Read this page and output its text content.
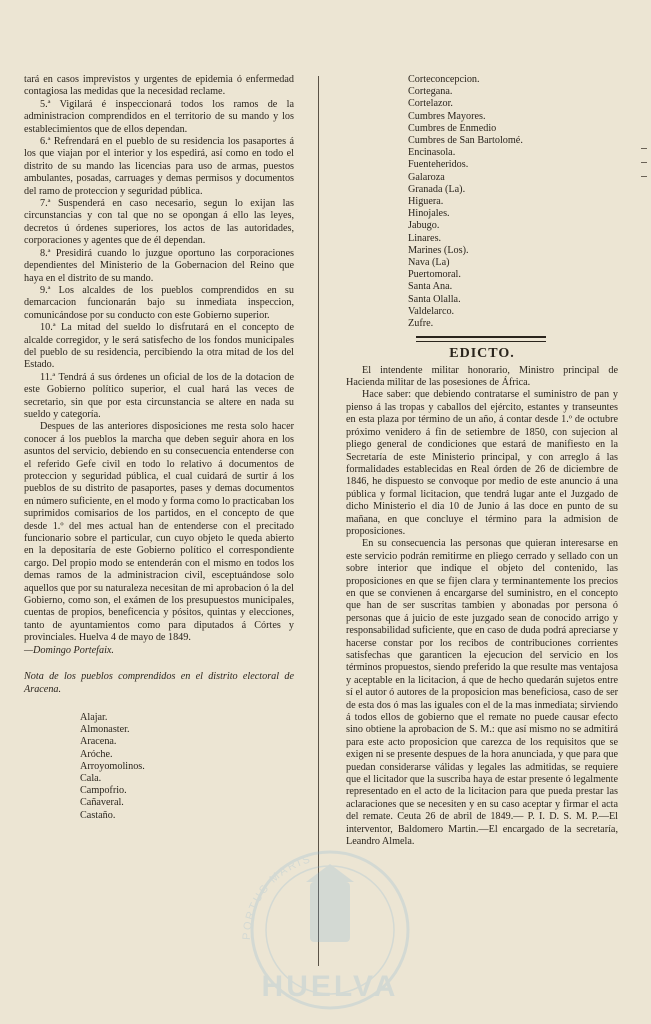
tará en casos imprevistos y urgentes de epidemia ó enfermedad contagiosa las medidas que la necesidad reclame.

5.ª Vigilará é inspeccionará todos los ramos de la administracion comprendidos en el territorio de su mando y los establecimientos que de ellos dependan.

6.ª Refrendará en el pueblo de su residencia los pasaportes á los que viajan por el interior y los espedirá, así como en todo el distrito de su mando las licencias para uso de armas, puestos ambulantes, posadas, carruages y demas permisos y documentos del ramo de proteccion y seguridad pública.

7.ª Suspenderá en caso necesario, segun lo exijan las circunstancias y con tal que no se opongan á ello las leyes, decretos ú órdenes superiores, los actos de las autoridades, corporaciones y agentes que de él dependan.

8.ª Presidirá cuando lo juzgue oportuno las corporaciones dependientes del Ministerio de la Gobernacion del Reino que haya en el distrito de su mando.

9.ª Los alcaldes de los pueblos comprendidos en su demarcacion funcionarán bajo su inmediata inspeccion, comunicándose por su conducto con este Gobierno superior.

10.ª La mitad del sueldo lo disfrutará en el concepto de alcalde corregidor, y le será satisfecho de los fondos municipales del pueblo de su residencia, percibiendo la otra mitad de los del Estado.

11.ª Tendrá á sus órdenes un oficial de los de la dotacion de este Gobierno político superior, el cual hará las veces de secretario, sin que por esta circunstancia se altere en nada su sueldo y categoría.

Despues de las anteriores disposiciones me resta solo hacer conocer á los pueblos la marcha que deben seguir ahora en los asuntos del servicio, debiendo en su consecuencia entenderse con el referido Gefe civil en todo lo relativo á documentos de proteccion y seguridad pública, el cual cuidará de surtir á los pueblos de su distrito de pasaportes, pases y demas documentos en número suficiente, en el modo y forma como lo practicaban los suprimidos comisarios de los partidos, en el concepto de que desde 1.º del mes actual han de entenderse con el precitado funcionario sobre el particular, cun cuyo objeto le queda abierto en la depositaría de este Gobierno político el correspondiente cargo. Del propio modo se entenderán con el mismo en todos los demas ramos de la administracion civil, esceptuándose solo aquellos que por su naturaleza necesitan de mi aprobacion ó la del Gobierno, como son, el exámen de los presupuestos municipales, cuentas de propios, beneficencia y pósitos, quintas y elecciones, tanto de ayuntamientos como para diputados á Córtes y provinciales. Huelva 4 de mayo de 1849.

—Domingo Portefaix.

Nota de los pueblos comprendidos en el distrito electoral de Aracena.

Alajar.
Almonaster.
Aracena.
Aróche.
Arroyomolinos.
Cala.
Campofrio.
Cañaveral.
Castaño.
Corteconcepcion.
Cortegana.
Cortelazor.
Cumbres Mayores.
Cumbres de Enmedio
Cumbres de San Bartolomé.
Encinasola.
Fuenteheridos.
Galaroza
Granada (La).
Higuera.
Hinojales.
Jabugo.
Linares.
Marines (Los).
Nava (La)
Puertomoral.
Santa Ana.
Santa Olalla.
Valdelarco.
Zufre.
EDICTO.

El intendente militar honorario, Ministro principal de Hacienda militar de las posesiones de África.

Hace saber: que debiendo contratarse el suministro de pan y pienso á las tropas y caballos del ejército, estantes y transeuntes en esta plaza por término de un año, á contar desde 1.º de octubre próximo venidero á fin de setiembre de 1850, con sujecion al pliego general de condiciones que estará de manifiesto en la Secretaría de este Ministerio principal, y con arreglo á las formalidades establecidas en Real órden de 26 de diciembre de 1846, he dispuesto se convoque por medio de este anuncio á una pública y formal licitacion, que tendrá lugar ante el Juzgado de dicho Ministerio el dia 10 de Junio á las doce en punto de su mañana, en que concluye el término para la admision de proposiciones.

En su consecuencia las personas que quieran interesarse en este servicio podrán remitirme en pliego cerrado y sellado con un sobre interior que indique el objeto del contenido, las proposiciones en que se fijen clara y terminantemente los precios en que se convienen á encargarse del suministro, en el concepto que han de ser suscritas tambien y abonadas por persona ó personas que á juicio de este juzgado sean de conocido arrigo y responsabilidad suficiente, que en caso de duda podrá apreciarse y hacerse constar por los recibos de contribuciones corrientes satisfechas que garanticen la ejecucion del servicio en los términos propuestos, siendo preferido la que resulte mas ventajosa y aceptable en la licitacion, á que de hecho quedarán sujetos entre sí el autor ó autores de la proposicion mas beneficiosa, caso de ser de esta dos ó mas las iguales con el de la mas inmediata; sirviendo á todos ellos de gobierno que el remate no puede causar efecto sino obtiene la aprobacion de S. M.: que así mismo no se admitirá para este acto proposicion que carezca de los requisitos que se exigen ni se presente despues de la hora anunciada, y que para que puedan considerarse válidas y legales las admitidas, se requiere que el licitador que la suscriba haya de estar presente ó legalmente representado en el acto de la licitacion para que pueda prestar las aclaraciones que se necesiten y en su caso aceptar y firmar el acta del remate. Ceuta 26 de abril de 1849.— P. I. D. S. M. P.—El interventor, Baldomero Martin.—El encargado de la secretaría, Leandro Almela.

PORTUS MARIS
HUELVA
